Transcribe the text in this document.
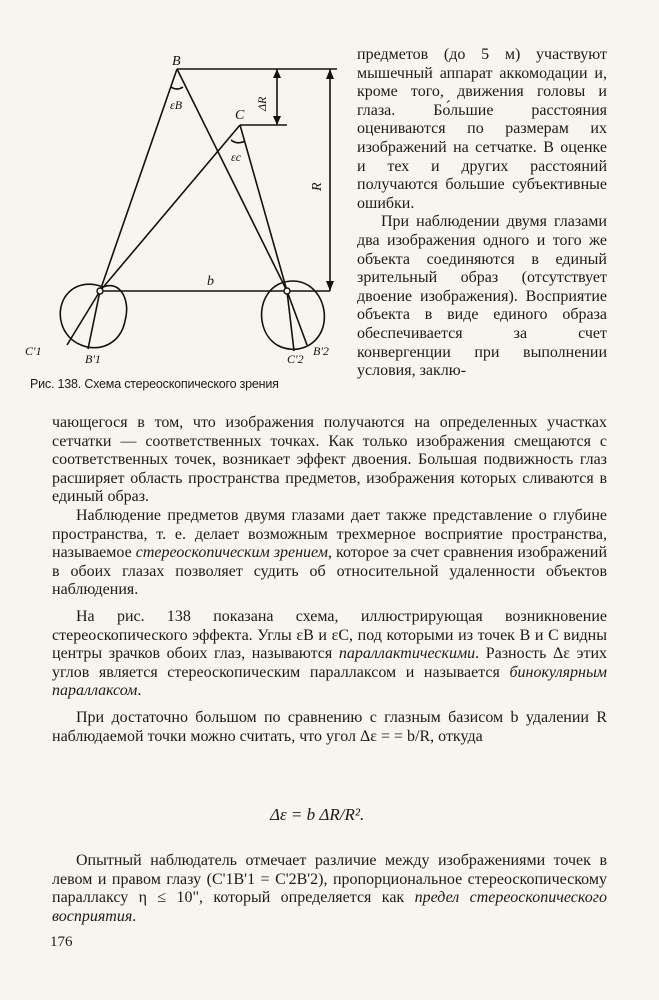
B
C
εB
εc
ΔR
R
b
C'1
B'1	C'2
B'2
Рис. 138. Схема стереоскопического зрения

предметов (до 5 м) участвуют мышечный аппарат аккомодации и, кроме того, движения головы и глаза. Бо́льшие расстояния оцениваются по размерам их изображений на сетчатке. В оценке и тех и других расстояний получаются большие субъективные ошибки.

При наблюдении двумя глазами два изображения одного и того же объекта соединяются в единый зрительный образ (отсутствует двоение изображения). Восприятие объекта в виде единого образа обеспечивается за счет конвергенции при выполнении условия, заклю-

чающегося в том, что изображения получаются на определенных участках сетчатки — соответственных точках. Как только изображения смещаются с соответственных точек, возникает эффект двоения. Большая подвижность глаз расширяет область пространства предметов, изображения которых сливаются в единый образ.

Наблюдение предметов двумя глазами дает также представление о глубине пространства, т. е. делает возможным трехмерное восприятие пространства, называемое стереоскопическим зрением, которое за счет сравнения изображений в обоих глазах позволяет судить об относительной удаленности объектов наблюдения.

На рис. 138 показана схема, иллюстрирующая возникновение стереоскопического эффекта. Углы εB и εC, под которыми из точек B и C видны центры зрачков обоих глаз, называются параллактическими. Разность Δε этих углов является стереоскопическим параллаксом и называется бинокулярным параллаксом.

При достаточно большом по сравнению с глазным базисом b удалении R наблюдаемой точки можно считать, что угол Δε = = b/R, откуда

Δε = b ΔR/R².

Опытный наблюдатель отмечает различие между изображениями точек в левом и правом глазу (C'1B'1 = C'2B'2), пропорциональное стереоскопическому параллаксу η ≤ 10", который определяется как предел стереоскопического восприятия.

176
